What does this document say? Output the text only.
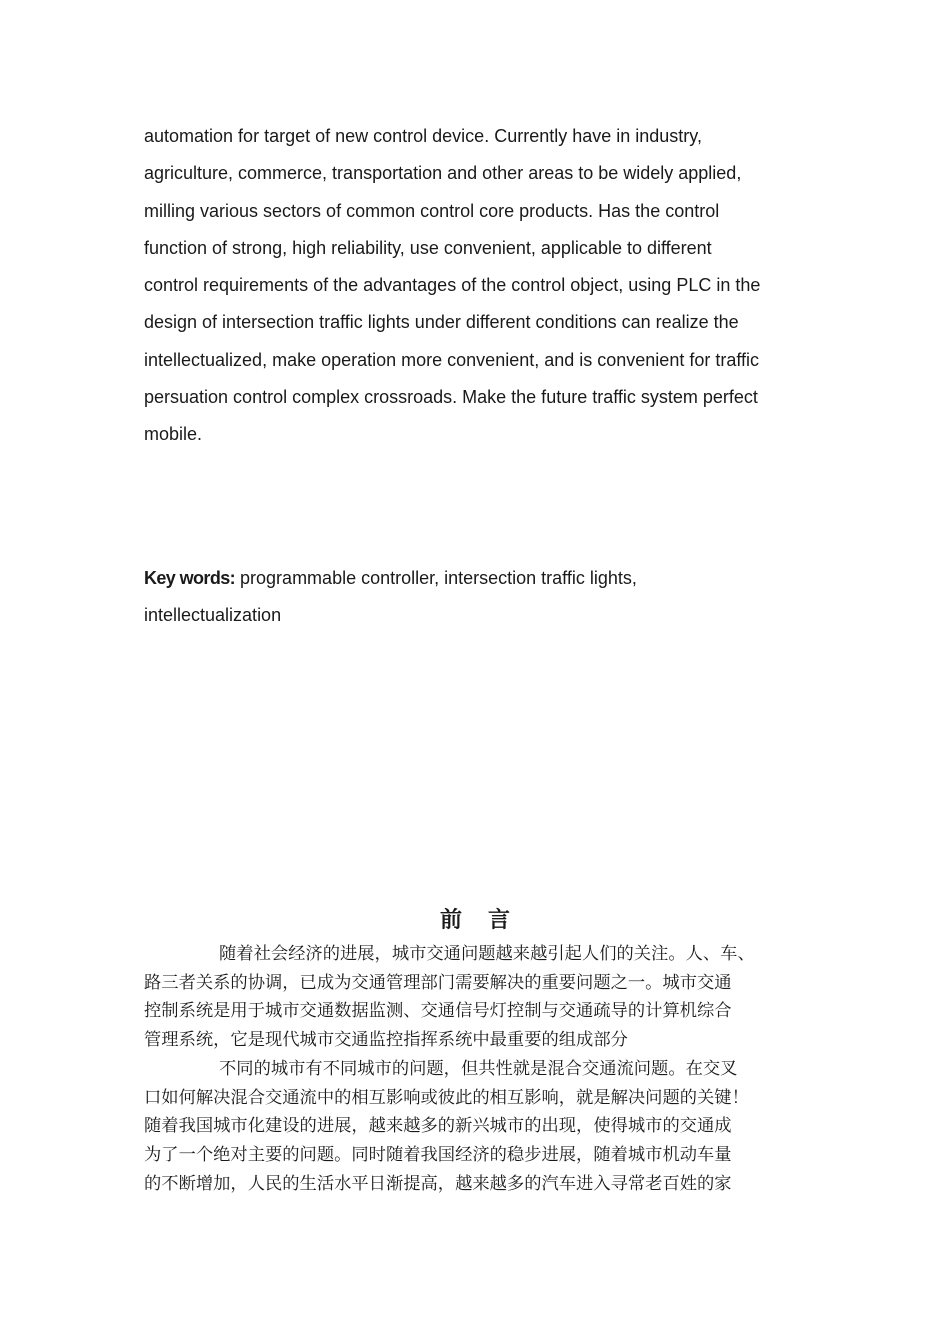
automation for target of new control device. Currently have in industry,
agriculture, commerce, transportation and other areas to be widely applied,
milling various sectors of common control core products. Has the control
function of strong, high reliability, use convenient, applicable to different
control requirements of the advantages of the control object, using PLC in the
design of intersection traffic lights under different conditions can realize the
intellectualized, make operation more convenient, and is convenient for traffic
persuation control complex crossroads. Make the future traffic system perfect
mobile.
Key words: programmable controller, intersection traffic lights,
intellectualization
前言
随着社会经济的进展，城市交通问题越来越引起人们的关注。人、车、
路三者关系的协调，已成为交通管理部门需要解决的重要问题之一。城市交通
控制系统是用于城市交通数据监测、交通信号灯控制与交通疏导的计算机综合
管理系统，它是现代城市交通监控指挥系统中最重要的组成部分
不同的城市有不同城市的问题，但共性就是混合交通流问题。在交叉
口如何解决混合交通流中的相互影响或彼此的相互影响，就是解决问题的关键！
随着我国城市化建设的进展，越来越多的新兴城市的出现，使得城市的交通成
为了一个绝对主要的问题。同时随着我国经济的稳步进展，随着城市机动车量
的不断增加，人民的生活水平日渐提高，越来越多的汽车进入寻常老百姓的家
